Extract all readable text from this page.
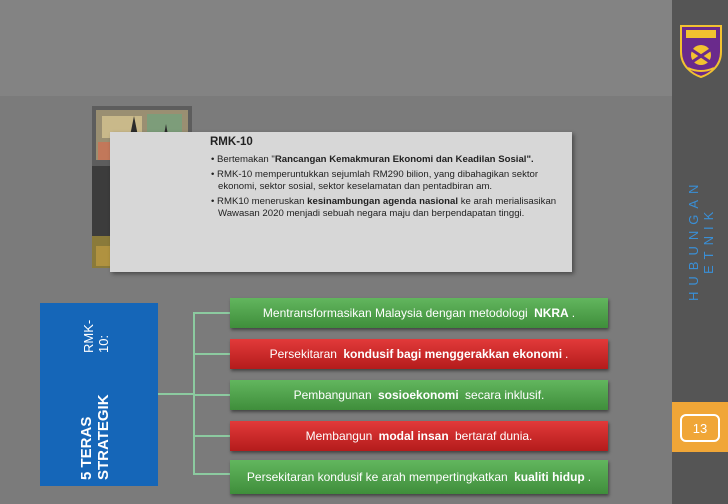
HUBUNGAN ETNIK
13
RMK-10
• Bertemakan "Rancangan Kemakmuran Ekonomi dan Keadilan Sosial".
• RMK-10 memperuntukkan sejumlah RM290 bilion, yang dibahagikan sektor ekonomi, sektor sosial, sektor keselamatan dan pentadbiran am.
• RMK10 meneruskan kesinambungan agenda nasional ke arah merialisasikan Wawasan 2020 menjadi sebuah negara maju dan berpendapatan tinggi.
5 TERAS STRATEGIK
RMK-10:
Mentransformasikan Malaysia dengan metodologi NKRA .
Persekitaran kondusif bagi menggerakkan ekonomi .
Pembangunan sosioekonomi secara inklusif.
Membangun modal insan bertaraf dunia.
Persekitaran kondusif ke arah mempertingkatkan kualiti hidup .
